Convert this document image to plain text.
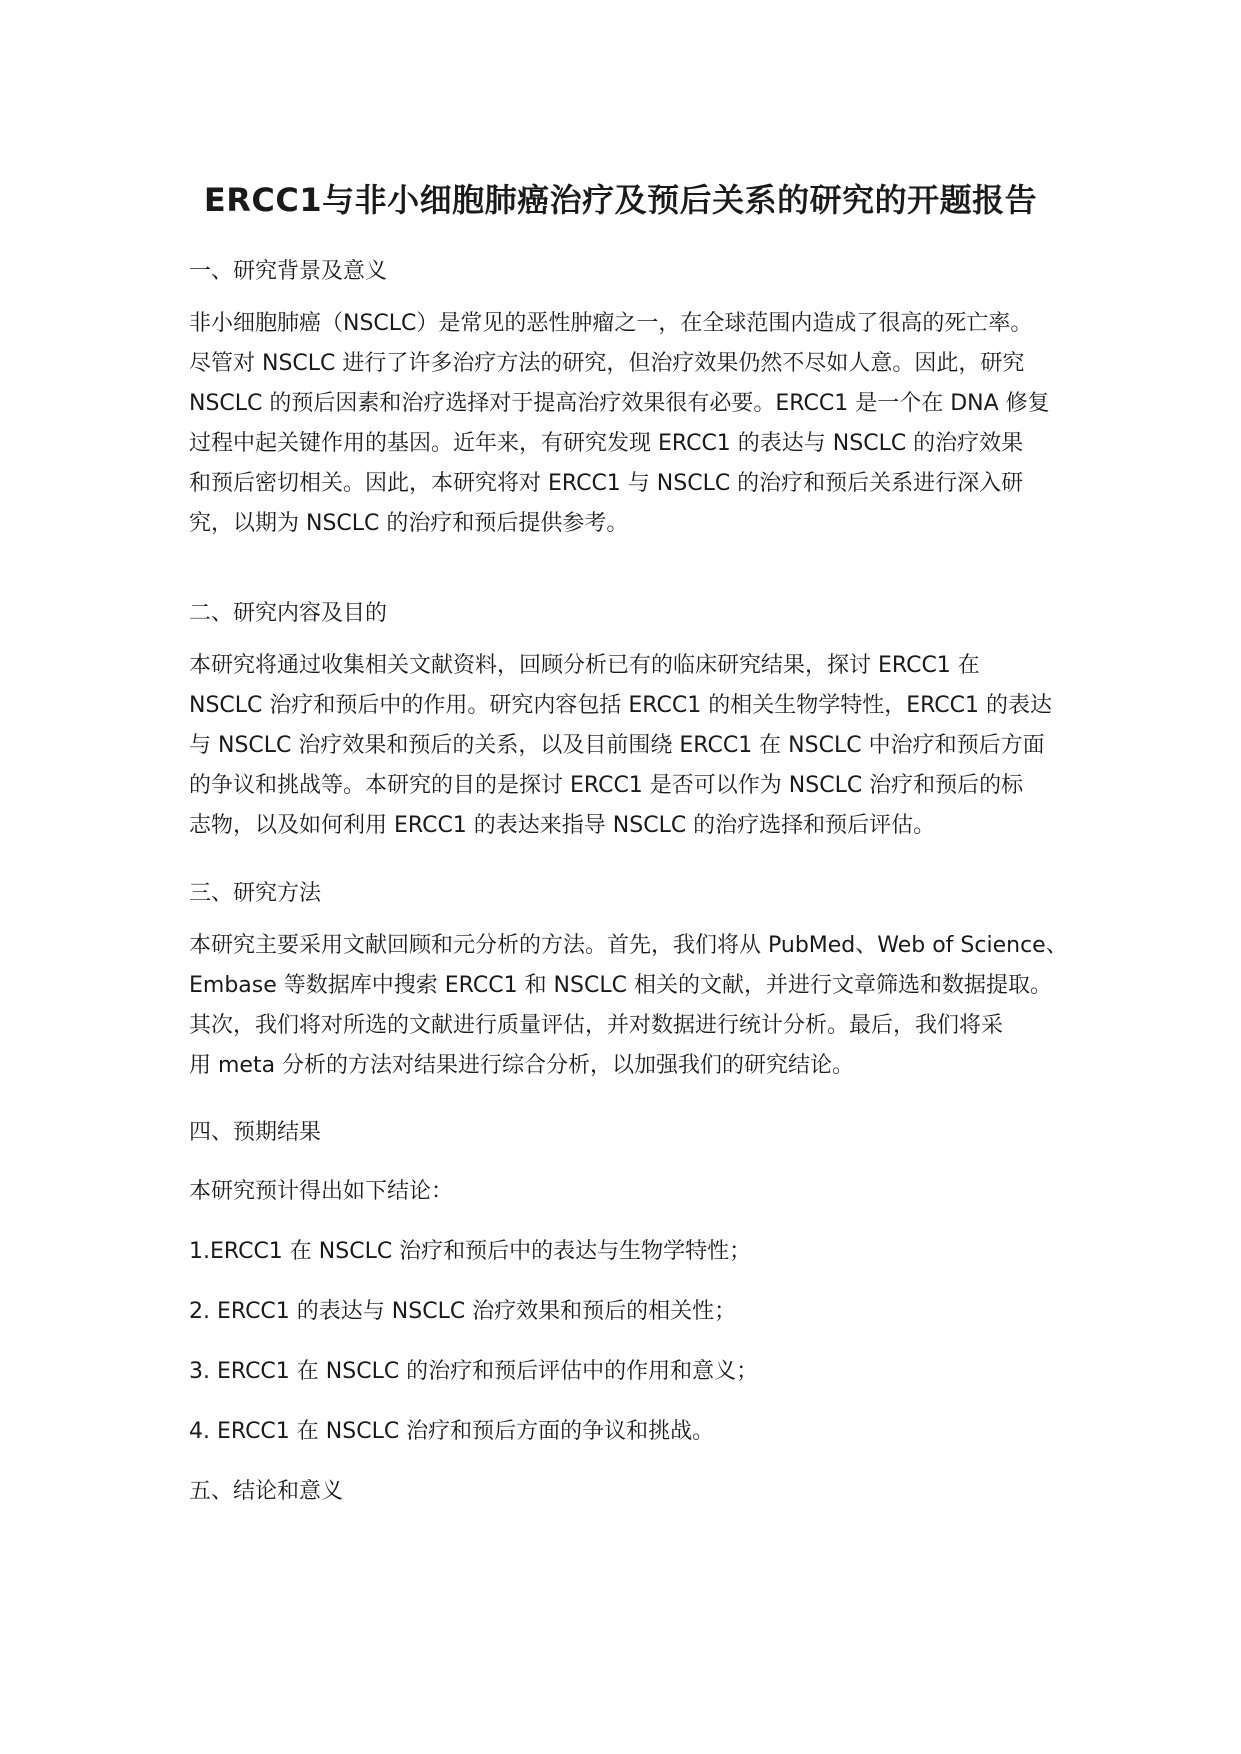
ERCC1与非小细胞肺癌治疗及预后关系的研究的开题报告
一、研究背景及意义
非小细胞肺癌（NSCLC）是常见的恶性肿瘤之一，在全球范围内造成了很高的死亡率。
尽管对 NSCLC 进行了许多治疗方法的研究，但治疗效果仍然不尽如人意。因此，研究
NSCLC 的预后因素和治疗选择对于提高治疗效果很有必要。ERCC1 是一个在 DNA 修复
过程中起关键作用的基因。近年来，有研究发现 ERCC1 的表达与 NSCLC 的治疗效果
和预后密切相关。因此，本研究将对 ERCC1 与 NSCLC 的治疗和预后关系进行深入研
究，以期为 NSCLC 的治疗和预后提供参考。
二、研究内容及目的
本研究将通过收集相关文献资料，回顾分析已有的临床研究结果，探讨 ERCC1 在
NSCLC 治疗和预后中的作用。研究内容包括 ERCC1 的相关生物学特性，ERCC1 的表达
与 NSCLC 治疗效果和预后的关系，以及目前围绕 ERCC1 在 NSCLC 中治疗和预后方面
的争议和挑战等。本研究的目的是探讨 ERCC1 是否可以作为 NSCLC 治疗和预后的标
志物，以及如何利用 ERCC1 的表达来指导 NSCLC 的治疗选择和预后评估。
三、研究方法
本研究主要采用文献回顾和元分析的方法。首先，我们将从 PubMed、Web of Science、
Embase 等数据库中搜索 ERCC1 和 NSCLC 相关的文献，并进行文章筛选和数据提取。
其次，我们将对所选的文献进行质量评估，并对数据进行统计分析。最后，我们将采
用 meta 分析的方法对结果进行综合分析，以加强我们的研究结论。
四、预期结果
本研究预计得出如下结论：
1.ERCC1 在 NSCLC 治疗和预后中的表达与生物学特性；
2. ERCC1 的表达与 NSCLC 治疗效果和预后的相关性；
3. ERCC1 在 NSCLC 的治疗和预后评估中的作用和意义；
4. ERCC1 在 NSCLC 治疗和预后方面的争议和挑战。
五、结论和意义
